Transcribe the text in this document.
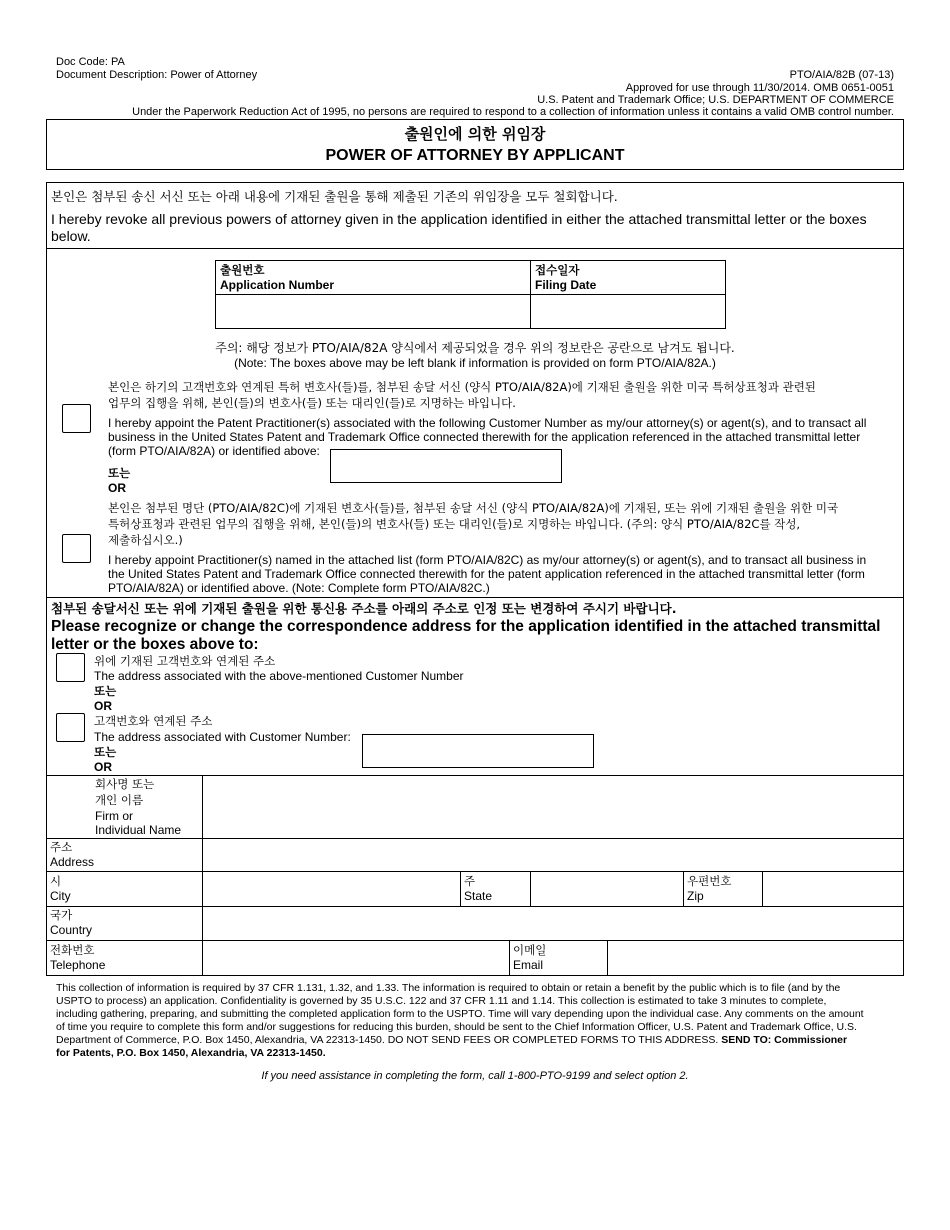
Doc Code: PA
Document Description: Power of Attorney	PTO/AIA/82B (07-13)
Approved for use through 11/30/2014. OMB 0651-0051
U.S. Patent and Trademark Office; U.S. DEPARTMENT OF COMMERCE
Under the Paperwork Reduction Act of 1995, no persons are required to respond to a collection of information unless it contains a valid OMB control number.
출원인에 의한 위임장
POWER OF ATTORNEY BY APPLICANT
본인은 첨부된 송신 서신 또는 아래 내용에 기재된 출원을 통해 제출된 기존의 위임장을 모두 철회합니다.
I hereby revoke all previous powers of attorney given in the application identified in either the attached transmittal letter or the boxes below.
출원번호
Application Number
접수일자
Filing Date
주의: 해당 정보가 PTO/AIA/82A 양식에서 제공되었을 경우 위의 정보란은 공란으로 남겨도 됩니다.
(Note: The boxes above may be left blank if information is provided on form PTO/AIA/82A.)
본인은 하기의 고객번호와 연계된 특허 변호사(들)를, 첨부된 송달 서신 (양식 PTO/AIA/82A)에 기재된 출원을 위한 미국 특허상표청과 관련된
업무의 집행을 위해, 본인(들)의 변호사(들) 또는 대리인(들)로 지명하는 바입니다.
I hereby appoint the Patent Practitioner(s) associated with the following Customer Number as my/our attorney(s) or agent(s), and to transact all
business in the United States Patent and Trademark Office connected therewith for the application referenced in the attached transmittal letter
(form PTO/AIA/82A) or identified above:
또는
OR
본인은 첨부된 명단 (PTO/AIA/82C)에 기재된 변호사(들)를, 첨부된 송달 서신 (양식 PTO/AIA/82A)에 기재된, 또는 위에 기재된 출원을 위한 미국
특허상표청과 관련된 업무의 집행을 위해, 본인(들)의 변호사(들) 또는 대리인(들)로 지명하는 바입니다. (주의: 양식 PTO/AIA/82C를 작성,
제출하십시오.)
I hereby appoint Practitioner(s) named in the attached list (form PTO/AIA/82C) as my/our attorney(s) or agent(s), and to transact all business in
the United States Patent and Trademark Office connected therewith for the patent application referenced in the attached transmittal letter (form
PTO/AIA/82A) or identified above. (Note: Complete form PTO/AIA/82C.)
첨부된 송달서신 또는 위에 기재된 출원을 위한 통신용 주소를 아래의 주소로 인정 또는 변경하여 주시기 바랍니다.
Please recognize or change the correspondence address for the application identified in the attached transmittal
letter or the boxes above to:
위에 기재된 고객번호와 연계된 주소
The address associated with the above-mentioned Customer Number
또는
OR
고객번호와 연계된 주소
The address associated with Customer Number:
또는
OR
회사명 또는
개인 이름
Firm or
Individual Name
주소
Address
시
City
주
State
우편번호
Zip
국가
Country
전화번호
Telephone
이메일
Email
This collection of information is required by 37 CFR 1.131, 1.32, and 1.33. The information is required to obtain or retain a benefit by the public which is to file (and by the
USPTO to process) an application. Confidentiality is governed by 35 U.S.C. 122 and 37 CFR 1.11 and 1.14. This collection is estimated to take 3 minutes to complete,
including gathering, preparing, and submitting the completed application form to the USPTO. Time will vary depending upon the individual case. Any comments on the amount
of time you require to complete this form and/or suggestions for reducing this burden, should be sent to the Chief Information Officer, U.S. Patent and Trademark Office, U.S.
Department of Commerce, P.O. Box 1450, Alexandria, VA 22313-1450. DO NOT SEND FEES OR COMPLETED FORMS TO THIS ADDRESS. SEND TO: Commissioner
for Patents, P.O. Box 1450, Alexandria, VA 22313-1450.
If you need assistance in completing the form, call 1-800-PTO-9199 and select option 2.
